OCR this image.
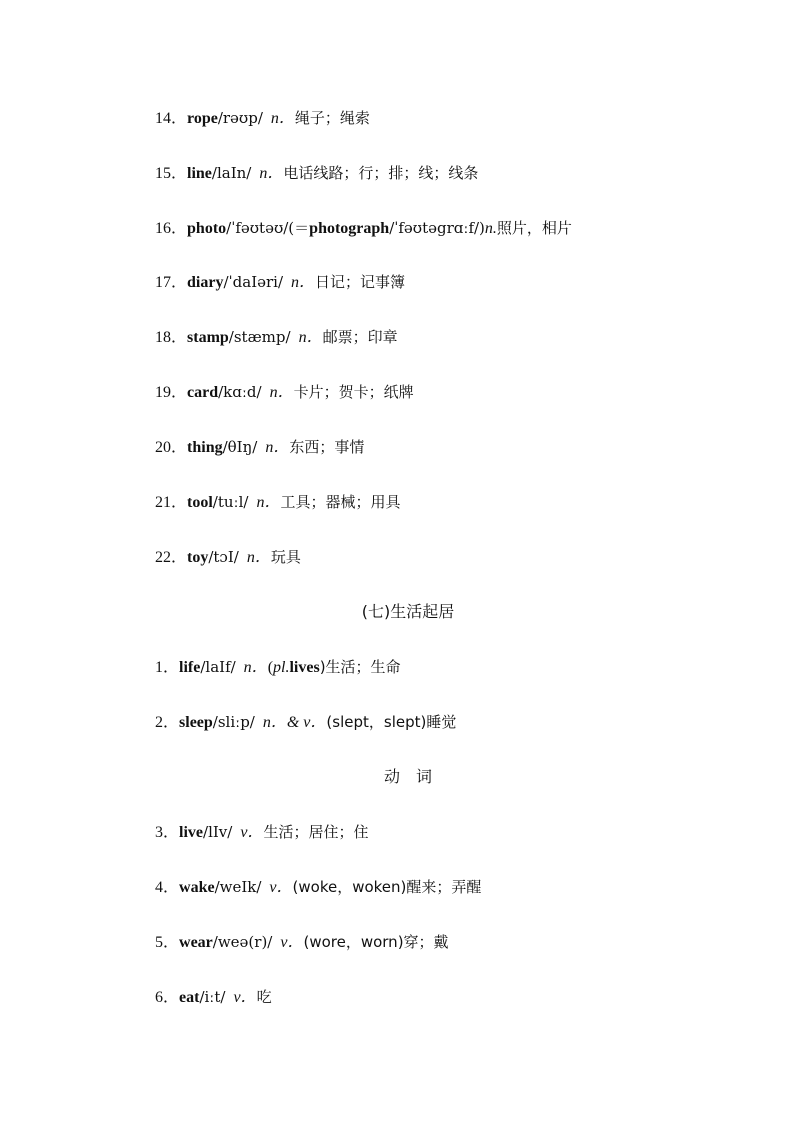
14．rope/rəʊp/ n．绳子；绳索
15．line/laIn/ n．电话线路；行；排；线；线条
16．photo/ˈfəʊtəʊ/(＝photograph/ˈfəʊtəgrɑːf/)n.照片，相片
17．diary/ˈdaIəri/ n．日记；记事簿
18．stamp/stæmp/ n．邮票；印章
19．card/kɑːd/ n．卡片；贺卡；纸牌
20．thing/θIŋ/ n．东西；事情
21．tool/tuːl/ n．工具；器械；用具
22．toy/tɔI/ n．玩具
(七)生活起居
1．life/laIf/ n．(pl.lives)生活；生命
2．sleep/sliːp/ n．& v．(slept，slept)睡觉
动　词
3．live/lIv/ v．生活；居住；住
4．wake/weIk/ v．(woke，woken)醒来；弄醒
5．wear/weə(r)/ v．(wore，worn)穿；戴
6．eat/iːt/ v．吃
